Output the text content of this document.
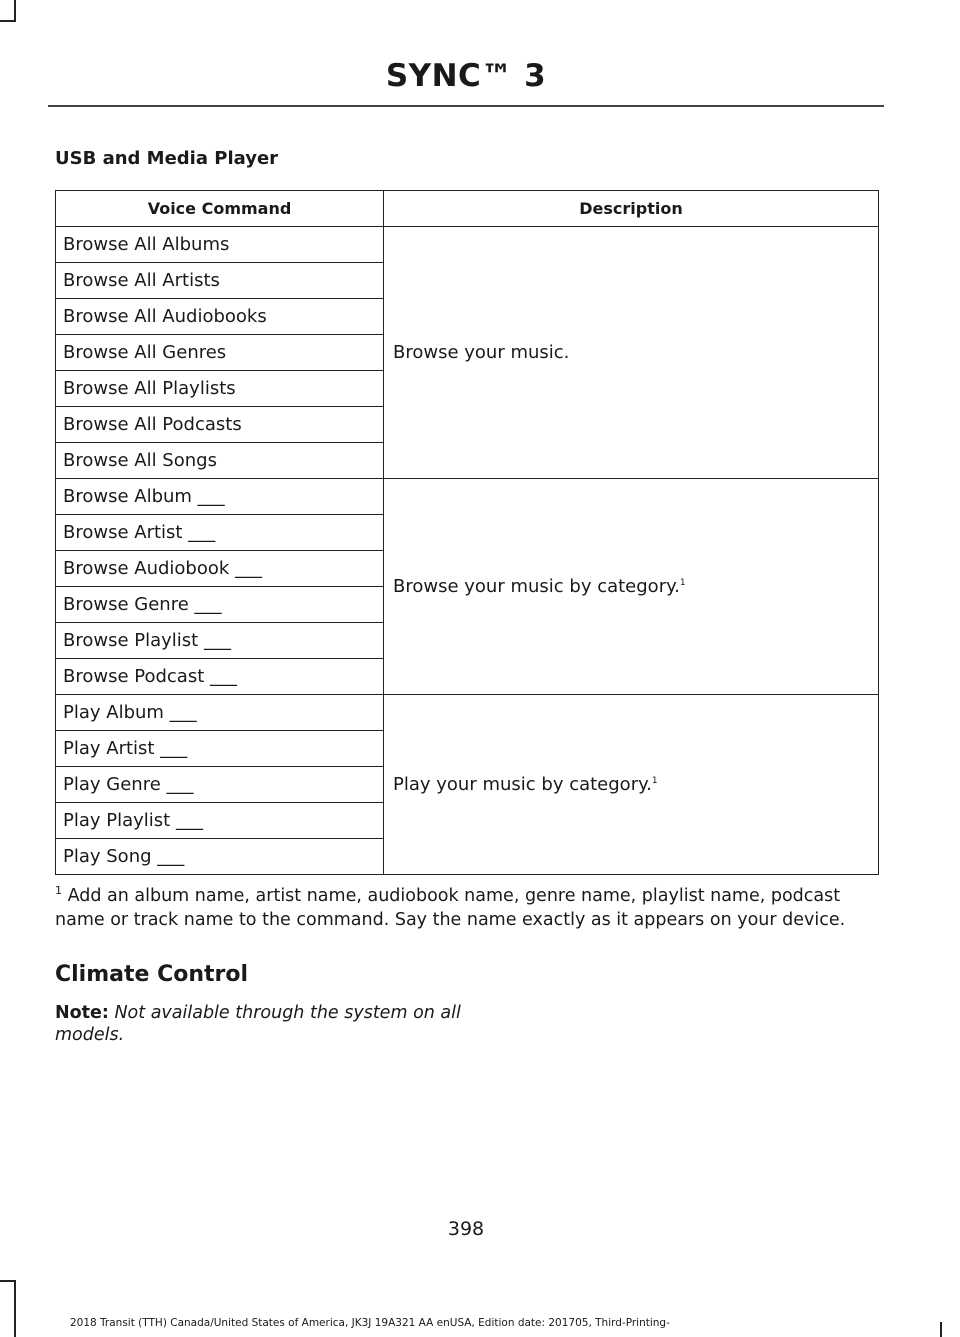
SYNC™ 3
USB and Media Player
Voice Command	Description
Browse All Albums	Browse your music.
Browse All Artists	
Browse All Audiobooks	
Browse All Genres	
Browse All Playlists	
Browse All Podcasts	
Browse All Songs	
Browse Album ___	Browse your music by category.$^1$
Browse Artist ___	
Browse Audiobook ___	
Browse Genre ___	
Browse Playlist ___	
Browse Podcast ___	
Play Album ___	Play your music by category.$^1$
Play Artist ___	
Play Genre ___	
Play Playlist ___	
Play Song ___	
$^1$ Add an album name, artist name, audiobook name, genre name, playlist name, podcast name or track name to the command. Say the name exactly as it appears on your device.
Climate Control
Note: Not available through the system on all models.
398
2018 Transit (TTH) Canada/United States of America, JK3J 19A321 AA enUSA, Edition date: 201705, Third-Printing-
